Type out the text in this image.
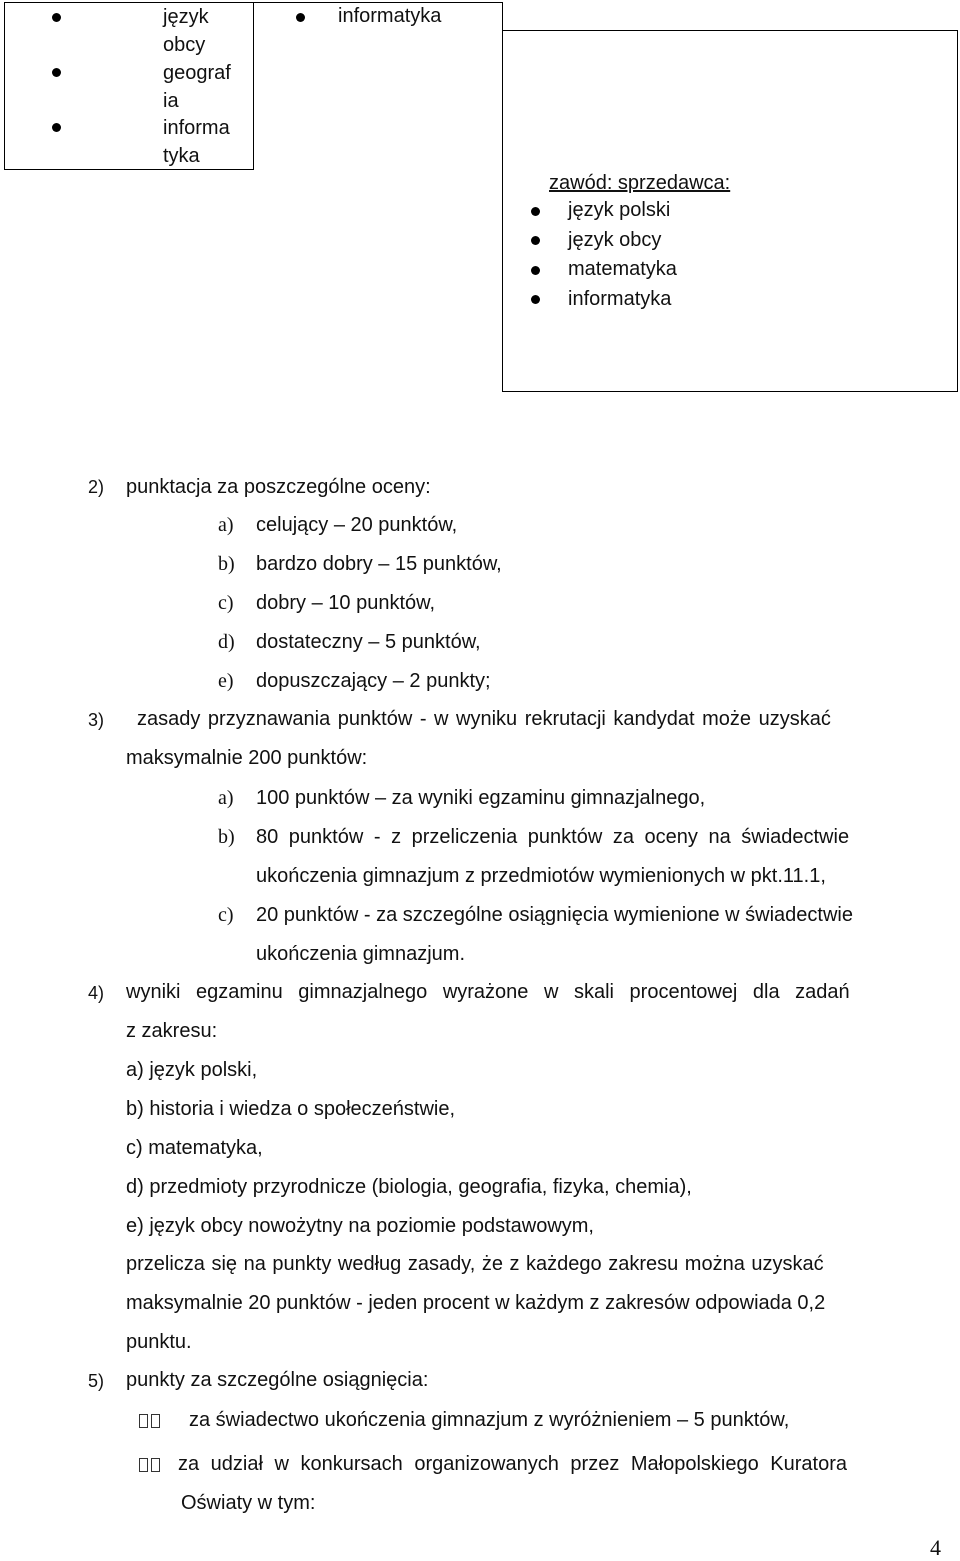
język
obcy
geograf
ia
informa
tyka
informatyka
zawód: sprzedawca:
język polski
język obcy
matematyka
informatyka
2) punktacja za poszczególne oceny:
a) celujący – 20 punktów,
b) bardzo dobry – 15 punktów,
c) dobry – 10 punktów,
d) dostateczny – 5 punktów,
e) dopuszczający – 2 punkty;
3) zasady przyznawania punktów - w wyniku rekrutacji kandydat może uzyskać
maksymalnie 200 punktów:
a) 100 punktów – za wyniki egzaminu gimnazjalnego,
b) 80 punktów - z przeliczenia punktów za oceny na świadectwie
ukończenia gimnazjum z przedmiotów wymienionych w pkt.11.1,
c) 20 punktów - za szczególne osiągnięcia wymienione w świadectwie
ukończenia gimnazjum.
4) wyniki egzaminu gimnazjalnego wyrażone w skali procentowej dla zadań
z zakresu:
a) język polski,
b) historia i wiedza o społeczeństwie,
c) matematyka,
d) przedmioty przyrodnicze (biologia, geografia, fizyka, chemia),
e) język obcy nowożytny na poziomie podstawowym,
przelicza się na punkty według zasady, że z każdego zakresu można uzyskać
maksymalnie 20 punktów - jeden procent w każdym z zakresów odpowiada 0,2
punktu.
5) punkty za szczególne osiągnięcia:
za świadectwo ukończenia gimnazjum z wyróżnieniem – 5 punktów,
za udział w konkursach organizowanych przez Małopolskiego Kuratora
Oświaty w tym:
4
